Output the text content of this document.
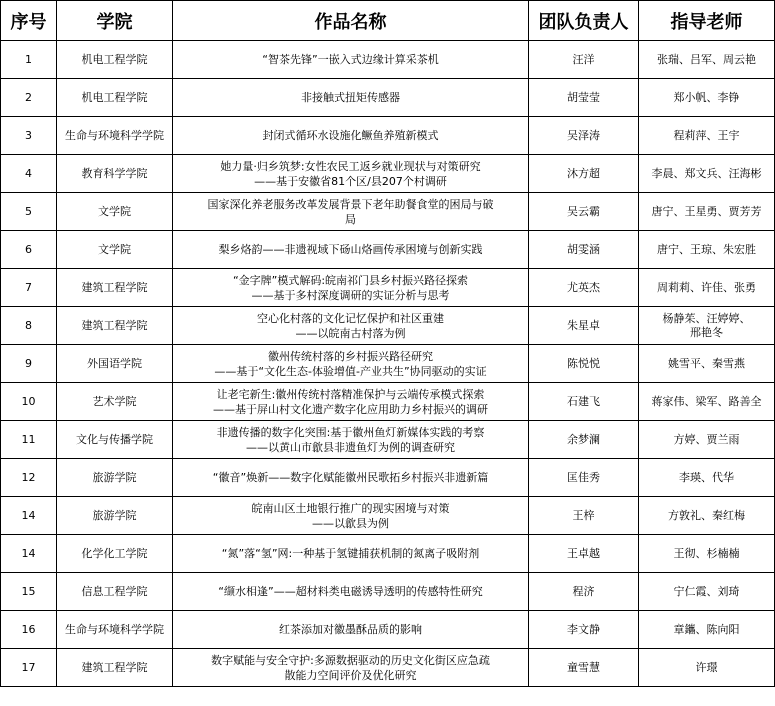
序号	学院	作品名称	团队负责人	指导老师
1	机电工程学院	“智茶先锋”一嵌入式边缘计算采茶机	汪洋	张瑞、吕军、周云艳
2	机电工程学院	非接触式扭矩传感器	胡莹莹	郑小帆、李铮
3	生命与环境科学学院	封闭式循环水设施化鳜鱼养殖新模式	吴泽涛	程莉萍、王宇
4	教育科学学院	她力量·归乡筑梦:女性农民工返乡就业现状与对策研究
——基于安徽省81个区/县207个村调研	沐方超	李晨、郑文兵、汪海彬
5	文学院	国家深化养老服务改革发展背景下老年助餐食堂的困局与破
局	吴云霸	唐宁、王星勇、贾芳芳
6	文学院	梨乡烙韵——非遗视域下砀山烙画传承困境与创新实践	胡雯涵	唐宁、王琼、朱宏胜
7	建筑工程学院	“金字牌”模式解码:皖南祁门县乡村振兴路径探索
——基于多村深度调研的实证分析与思考	尤英杰	周莉莉、许佳、张勇
8	建筑工程学院	空心化村落的文化记忆保护和社区重建
——以皖南古村落为例	朱星卓	杨静茱、汪婷婷、
邢艳冬
9	外国语学院	徽州传统村落的乡村振兴路径研究
——基于“文化生态-体验增值-产业共生”协同驱动的实证	陈悦悦	姚雪平、秦雪燕
10	艺术学院	让老宅新生:徽州传统村落精准保护与云端传承模式探索
——基于屏山村文化遗产数字化应用助力乡村振兴的调研	石建飞	蒋家伟、梁军、路善全
11	文化与传播学院	非遗传播的数字化突围:基于徽州鱼灯新媒体实践的考察
——以黄山市歙县非遗鱼灯为例的调查研究	余梦澜	方婷、贾兰雨
12	旅游学院	“徽音”焕新——数字化赋能徽州民歌拓乡村振兴非遗新篇	匡佳秀	李瑛、代华
14	旅游学院	皖南山区土地银行推广的现实困境与对策
——以歙县为例	王梓	方敦礼、秦红梅
14	化学化工学院	“氮”落“氢”网:一种基于氢键捕获机制的氮离子吸附剂	王卓越	王彻、杉楠楠
15	信息工程学院	“缬水相逢”——超材料类电磁诱导透明的传感特性研究	程济	宁仁霞、刘琦
16	生命与环境科学学院	红茶添加对徽墨酥品质的影响	李文静	章鑴、陈向阳
17	建筑工程学院	数字赋能与安全守护:多源数据驱动的历史文化街区应急疏
散能力空间评价及优化研究	童雪慧	许璟
